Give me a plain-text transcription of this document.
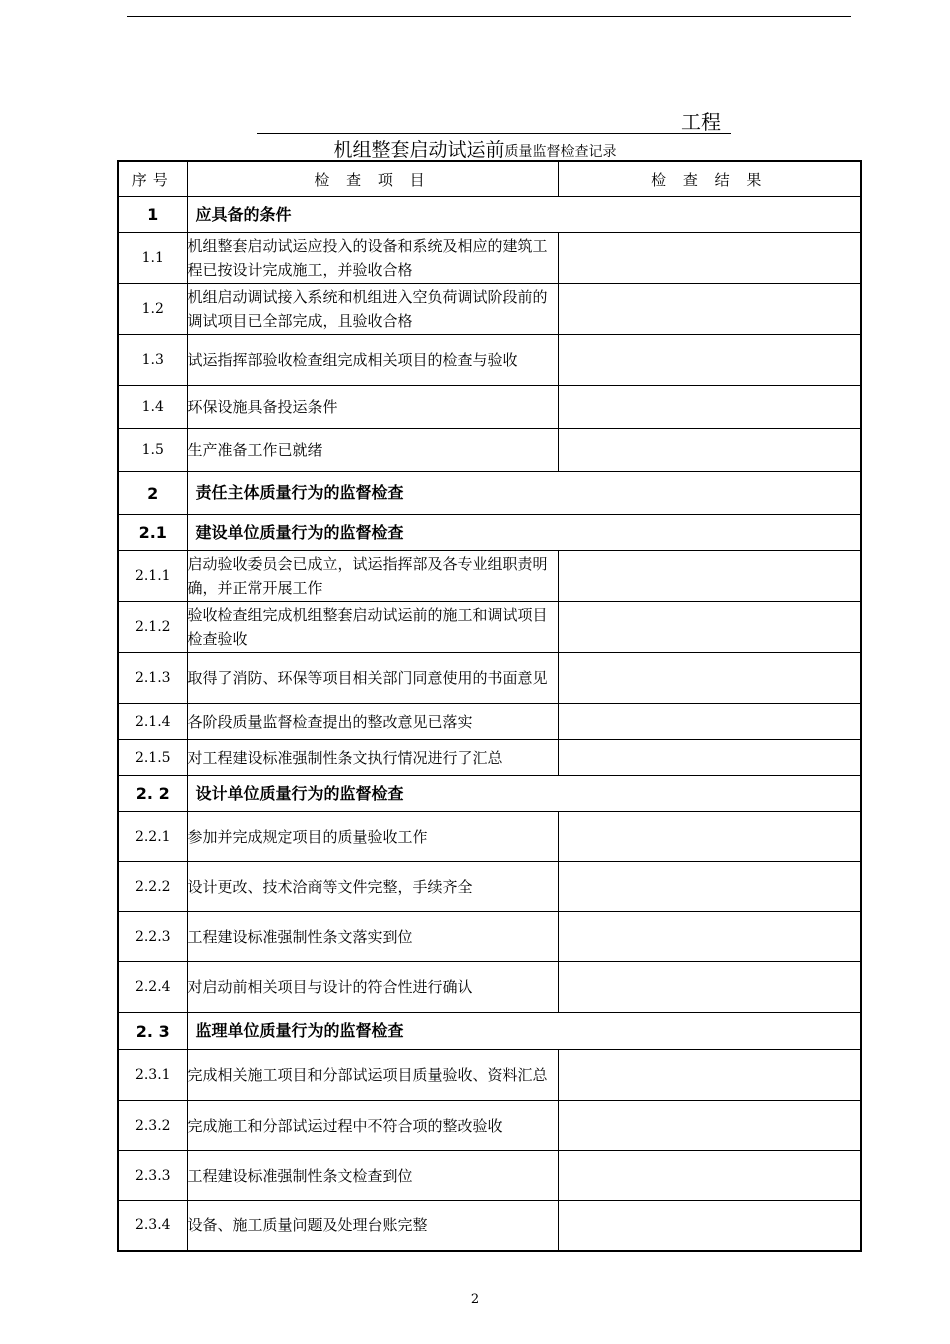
工程
机组整套启动试运前质量监督检查记录
序号	检 查 项 目	检 查 结 果
1	应具备的条件	
1.1	机组整套启动试运应投入的设备和系统及相应的建筑工程已按设计完成施工，并验收合格	
1.2	机组启动调试接入系统和机组进入空负荷调试阶段前的调试项目已全部完成，且验收合格	
1.3	试运指挥部验收检查组完成相关项目的检查与验收	
1.4	环保设施具备投运条件	
1.5	生产准备工作已就绪	
2	责任主体质量行为的监督检查	
2.1	建设单位质量行为的监督检查	
2.1.1	启动验收委员会已成立，试运指挥部及各专业组职责明确，并正常开展工作	
2.1.2	验收检查组完成机组整套启动试运前的施工和调试项目检查验收	
2.1.3	取得了消防、环保等项目相关部门同意使用的书面意见	
2.1.4	各阶段质量监督检查提出的整改意见已落实	
2.1.5	对工程建设标准强制性条文执行情况进行了汇总	
2. 2	设计单位质量行为的监督检查	
2.2.1	参加并完成规定项目的质量验收工作	
2.2.2	设计更改、技术洽商等文件完整，手续齐全	
2.2.3	工程建设标准强制性条文落实到位	
2.2.4	对启动前相关项目与设计的符合性进行确认	
2. 3	监理单位质量行为的监督检查	
2.3.1	完成相关施工项目和分部试运项目质量验收、资料汇总	
2.3.2	完成施工和分部试运过程中不符合项的整改验收	
2.3.3	工程建设标准强制性条文检查到位	
2.3.4	设备、施工质量问题及处理台账完整	
2
